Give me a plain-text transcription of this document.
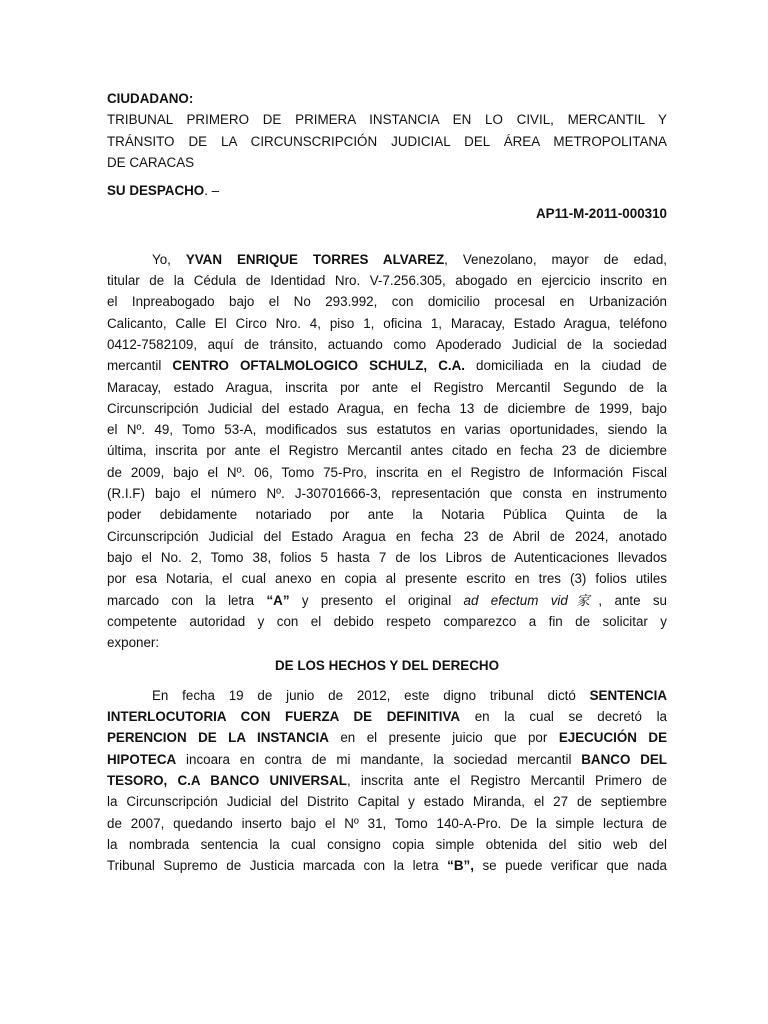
CIUDADANO:
TRIBUNAL PRIMERO DE PRIMERA INSTANCIA EN LO CIVIL, MERCANTIL Y
TRÁNSITO DE LA CIRCUNSCRIPCIÓN JUDICIAL DEL ÁREA METROPOLITANA
DE CARACAS
SU DESPACHO. –
AP11-M-2011-000310
Yo, YVAN ENRIQUE TORRES ALVAREZ, Venezolano, mayor de edad,
titular de la Cédula de Identidad Nro. V-7.256.305, abogado en ejercicio inscrito en
el Inpreabogado bajo el No 293.992, con domicilio procesal en Urbanización
Calicanto, Calle El Circo Nro. 4, piso 1, oficina 1, Maracay, Estado Aragua, teléfono
0412-7582109, aquí de tránsito, actuando como Apoderado Judicial de la sociedad
mercantil CENTRO OFTALMOLOGICO SCHULZ, C.A. domiciliada en la ciudad de
Maracay, estado Aragua, inscrita por ante el Registro Mercantil Segundo de la
Circunscripción Judicial del estado Aragua, en fecha 13 de diciembre de 1999, bajo
el Nº. 49, Tomo 53-A, modificados sus estatutos en varias oportunidades, siendo la
última, inscrita por ante el Registro Mercantil antes citado en fecha 23 de diciembre
de 2009, bajo el Nº. 06, Tomo 75-Pro, inscrita en el Registro de Información Fiscal
(R.I.F) bajo el número Nº. J-30701666-3, representación que consta en instrumento
poder debidamente notariado por ante la Notaria Pública Quinta de la
Circunscripción Judicial del Estado Aragua en fecha 23 de Abril de 2024, anotado
bajo el No. 2, Tomo 38, folios 5 hasta 7 de los Libros de Autenticaciones llevados
por esa Notaria, el cual anexo en copia al presente escrito en tres (3) folios utiles
marcado con la letra “A” y presento el original ad efectum vid家, ante su
competente autoridad y con el debido respeto comparezco a fin de solicitar y
exponer:
DE LOS HECHOS Y DEL DERECHO
En fecha 19 de junio de 2012, este digno tribunal dictó SENTENCIA
INTERLOCUTORIA CON FUERZA DE DEFINITIVA en la cual se decretó la
PERENCION DE LA INSTANCIA en el presente juicio que por EJECUCIÓN DE
HIPOTECA incoara en contra de mi mandante, la sociedad mercantil BANCO DEL
TESORO, C.A BANCO UNIVERSAL, inscrita ante el Registro Mercantil Primero de
la Circunscripción Judicial del Distrito Capital y estado Miranda, el 27 de septiembre
de 2007, quedando inserto bajo el Nº 31, Tomo 140-A-Pro. De la simple lectura de
la nombrada sentencia la cual consigno copia simple obtenida del sitio web del
Tribunal Supremo de Justicia marcada con la letra “B”, se puede verificar que nada
